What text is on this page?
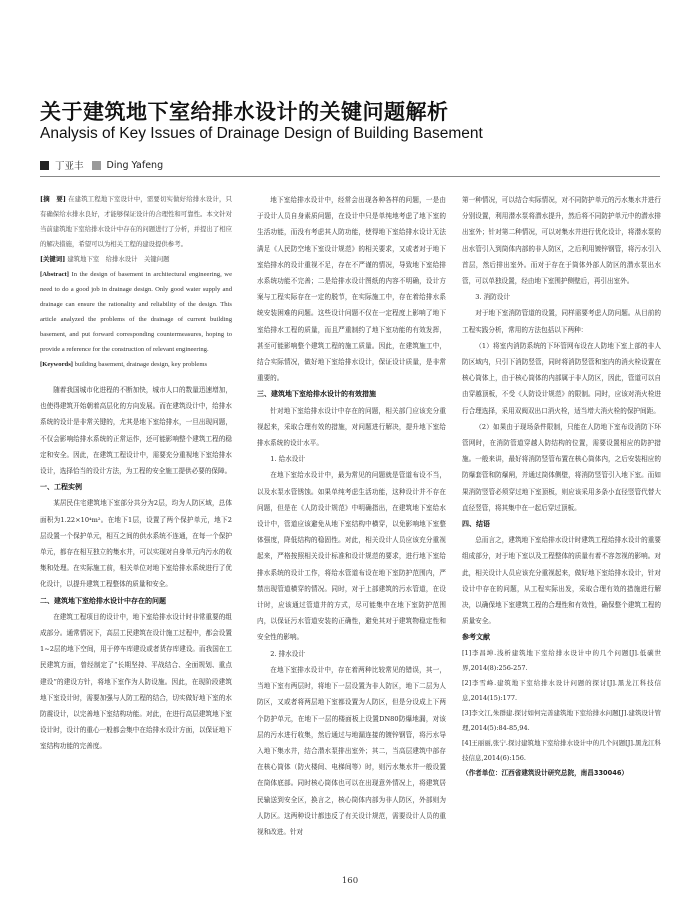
关于建筑地下室给排水设计的关键问题解析
Analysis of Key Issues of Drainage Design of Building Basement
丁亚丰 Ding Yafeng

[摘　要] 在建筑工程地下室设计中，需要切实做好给排水设计，只有确保给水排水良好，才能够保证设计的合理性和可靠性。本文针对当前建筑地下室给排水设计中存在的问题进行了分析，并提出了相应的解决措施，希望可以为相关工程的建设提供参考。

[关键词] 建筑地下室　给排水设计　关键问题

[Abstract] In the design of basement in architectural engineering, we need to do a good job in drainage design. Only good water supply and drainage can ensure the rationality and reliability of the design. This article analyzed the problems of the drainage of current building basement, and put forward corresponding countermeasures, hoping to provide a reference for the construction of relevant engineering.

[Keywords] building basement, drainage design, key problems

随着我国城市化进程的不断加快，城市人口的数量迅速增加，也使得建筑开始朝着高层化的方向发展。而在建筑设计中，给排水系统的设计是非常关键的，尤其是地下室给排水，一旦出现问题，不仅会影响给排水系统的正常运作，还可能影响整个建筑工程的稳定和安全。因此，在建筑工程设计中，需要充分重视地下室给排水设计，选择恰当的设计方法，为工程的安全施工提供必要的保障。

一、工程实例

某居民住宅建筑地下室部分共分为2层，均为人防区域，总体面积为1.22×10⁴m²。在地下1层，设置了两个保护单元，地下2层设置一个保护单元，相互之间的供水系统不连通，在每一个保护单元，都存在相互独立的集水井，可以实现对自身单元内污水的收集和处理。在实际施工前，相关单位对地下室给排水系统进行了优化设计，以提升建筑工程整体的质量和安全。

二、建筑地下室给排水设计中存在的问题

在建筑工程项目的设计中，地下室给排水设计时非常重要的组成部分。通常情况下，高层工民建筑在设计施工过程中，都会设置1~2层的地下空间，用于停车库建设或者货存库建设。而我国在工民建筑方面，曾经制定了“长期坚持、平战结合、全面规划、重点建设”的建设方针，将地下室作为人防设施。因此，在现阶段建筑地下室设计时，需要加强与人防工程的结合，切实做好地下室的水防震设计，以完善地下室结构功能。对此，在进行高层建筑地下室设计时，设计的重心一般都会集中在给排水设计方面，以保证地下室结构功能的完善度。

地下室给排水设计中，经常会出现各种各样的问题，一是由于设计人员自身素质问题，在设计中只是单纯地考虑了地下室的生活功能，而没有考虑其人防功能，使得地下室给排水设计无法满足《人民防空地下室设计规范》的相关要求，又或者对于地下室给排水的设计重视不足，存在不严谨的情况，导致地下室给排水系统功能不完善；二是给排水设计图纸的内容不明确，设计方案与工程实际存在一定的脱节，在实际施工中，存在着给排水系统安装困难的问题。这些设计问题不仅在一定程度上影响了地下室给排水工程的质量，而且严重制约了地下室功能的有效发挥，甚至可能影响整个建筑工程的施工质量。因此，在建筑施工中，结合实际情况，做好地下室给排水设计，保证设计质量，是非常重要的。

三、建筑地下室给排水设计的有效措施

针对地下室给排水设计中存在的问题，相关部门应该充分重视起来，采取合理有效的措施，对问题进行解决，提升地下室给排水系统的设计水平。

1. 给水设计

在地下室给水设计中，最为常见的问题就是管道布设不当，以及水泵水管锈蚀。如果单纯考虑生活功能，这种设计并不存在问题，但是在《人防设计规范》中明确指出，在建筑地下室给水设计中，管道应该避免从地下室结构中横穿，以免影响地下室整体强度，降低结构的稳固性。对此，相关设计人员应该充分重视起来，严格按照相关设计标准和设计规范的要求，进行地下室给排水系统的设计工作，将给水管道布设在地下室防护范围内，严禁出现管道横穿的情况。同时，对于上部建筑的污水管道，在设计时，应该通过管道井的方式，尽可能集中在地下室防护范围内，以保证污水管道安装的正确性，避免其对于建筑物稳定性和安全性的影响。

2. 排水设计

在地下室排水设计中，存在着两种比较常见的错误，其一，当地下室有两层时，将地下一层设置为非人防区，地下二层为人防区，又或者将两层地下室都设置为人防区，但是分设成上下两个防护单元，在地下一层的楼面板上设置DN80防爆地漏，对该层的污水进行收集，然后通过与地漏连接的镀锌钢管，将污水导入地下集水井，结合潜水泵排出室外；其二，当高层建筑中部存在核心筒体（防火楼间、电梯间等）时，则污水集水井一般设置在筒体底部。同时核心筒体也可以在出现意外情况上，将建筑居民输送到安全区，换言之，核心筒体内部为非人防区，外部则为人防区。这两种设计都违反了有关设计规范，需要设计人员的重视和改进。针对

第一种情况，可以结合实际情况，对不同防护单元的污水集水井进行分别设置，利用潜水泵将潜水提升，然后将不同防护单元中的潜水排出室外；针对第二种情况，可以对集水井进行优化设计，将潜水泵的出水管引入到筒体内部的非人防区，之后利用镀锌钢管，将污水引入首层，然后排出室外。而对于存在于筒体外部人防区的潜水泵出水管，可以单独设置，经由地下室围护侧壁后，再引出室外。

3. 消防设计

对于地下室消防管道的设置，同样需要考虑人防问题。从目前的工程实践分析，常用的方法包括以下两种：

（1）将室内消防系统的下环管网布设在人防地下室上部的非人防区域内，只引下消防竖管，同时将消防竖管和室内的消火栓设置在核心筒体上，由于核心筒体的内部属于非人防区，因此，管道可以自由穿越顶板，不受《人防设计规范》的限制。同时，应该对消火栓进行合理选择，采用双阀双出口消火栓，适当增大消火栓的保护间距。

（2）如果由于现场条件限制，只能在人防地下室布设消防下环管网时，在消防管道穿越人防结构的位置，需要设置相应的防护措施。一般来讲，最好将消防竖管布置在核心筒体内，之后安装相应的防爆套管和防爆闸，并通过筒体侧壁，将消防竖管引入地下室。而如果消防竖管必须穿过地下室顶板，则应该采用多条小直径竖管代替大直径竖管，将其集中在一起后穿过顶板。

四、结语

总而言之，建筑地下室给排水设计时建筑工程给排水设计的重要组成部分，对于地下室以及工程整体的质量有着不容忽视的影响。对此，相关设计人员应该充分重视起来，做好地下室给排水设计，针对设计中存在的问题，从工程实际出发，采取合理有效的措施进行解决，以确保地下室建筑工程的合理性和有效性，确保整个建筑工程的质量安全。

参考文献

[1]李昌坤.浅析建筑地下室给排水设计中的几个问题[J].低碳世界,2014(8):256-257.

[2]李雪峰.建筑地下室给排水设计问题的探讨[J].黑龙江科技信息,2014(15):177.

[3]李文江,朱群建.探讨如何完善建筑地下室给排水问题[J].建筑设计管理,2014(5):84-85,94.

[4]王丽丽,张宁.探讨建筑地下室给排水设计中的几个问题[J].黑龙江科技信息,2014(6):156.

（作者单位：江西省建筑设计研究总院，南昌330046）

160
